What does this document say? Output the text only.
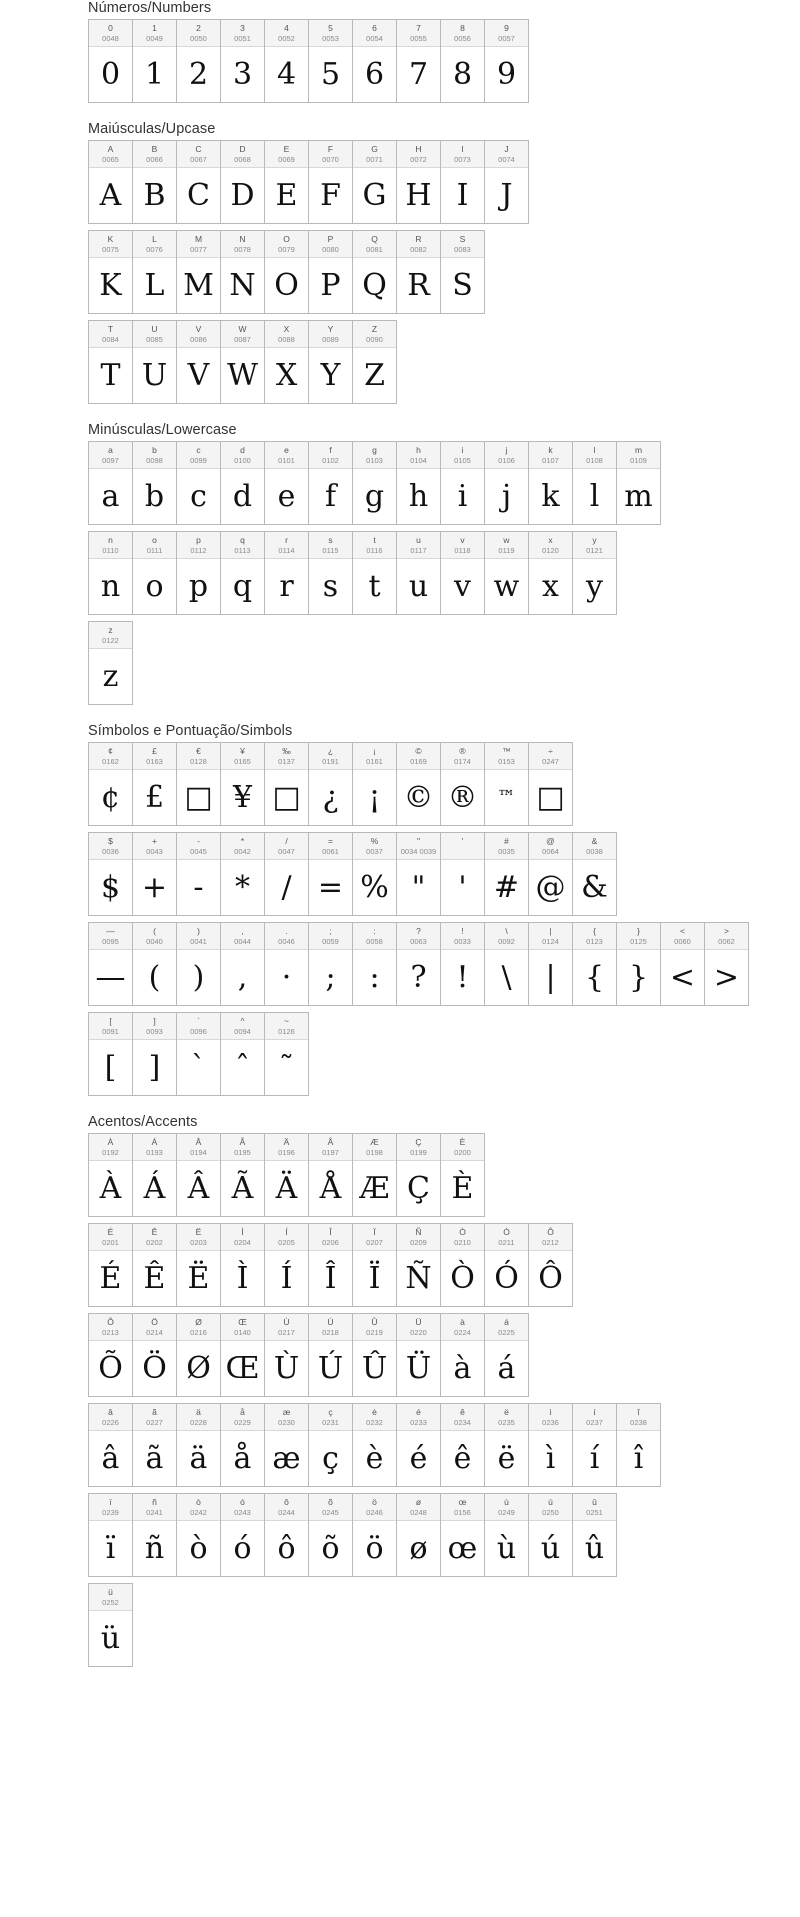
Números/Numbers
0
0048
0
1
0049
1
2
0050
2
3
0051
3
4
0052
4
5
0053
5
6
0054
6
7
0055
7
8
0056
8
9
0057
9
Maiúsculas/Upcase
A
0065
A
B
0066
B
C
0067
C
D
0068
D
E
0069
E
F
0070
F
G
0071
G
H
0072
H
I
0073
I
J
0074
J
K
0075
K
L
0076
L
M
0077
M
N
0078
N
O
0079
O
P
0080
P
Q
0081
Q
R
0082
R
S
0083
S
T
0084
T
U
0085
U
V
0086
V
W
0087
W
X
0088
X
Y
0089
Y
Z
0090
Z
Minúsculas/Lowercase
a
0097
a
b
0098
b
c
0099
c
d
0100
d
e
0101
e
f
0102
f
g
0103
g
h
0104
h
i
0105
i
j
0106
j
k
0107
k
l
0108
l
m
0109
m
n
0110
n
o
0111
o
p
0112
p
q
0113
q
r
0114
r
s
0115
s
t
0116
t
u
0117
u
v
0118
v
w
0119
w
x
0120
x
y
0121
y
z
0122
z
Símbolos e Pontuação/Simbols
¢
0162
¢
£
0163
£
€
0128
□
¥
0165
¥
‰
0137
□
¿
0191
¿
¡
0161
¡
©
0169
©
®
0174
®
™
0153
™
÷
0247
□
$
0036
$
+
0043
+
-
0045
-
*
0042
*
/
0047
/
=
0061
=
%
0037
%
"
0034 0039
"
'
'
#
0035
#
@
0064
@
&
0038
&
—
0095
—
(
0040
(
)
0041
)
,
0044
,
.
0046
·
;
0059
;
:
0058
:
?
0063
?
!
0033
!
\
0092
\
|
0124
|
{
0123
{
}
0125
}
<
0060
<
>
0062
>
[
0091
[
]
0093
]
`
0096
ˋ
^
0094
ˆ
~
0126
˜
Acentos/Accents
À
0192
À
Á
0193
Á
Â
0194
Â
Ã
0195
Ã
Ä
0196
Ä
Å
0197
Å
Æ
0198
Æ
Ç
0199
Ç
È
0200
È
É
0201
É
Ê
0202
Ê
Ë
0203
Ë
Ì
0204
Ì
Í
0205
Í
Î
0206
Î
Ï
0207
Ï
Ñ
0209
Ñ
Ò
0210
Ò
Ó
0211
Ó
Ô
0212
Ô
Õ
0213
Õ
Ö
0214
Ö
Ø
0216
Ø
Œ
0140
Œ
Ù
0217
Ù
Ú
0218
Ú
Û
0219
Û
Ü
0220
Ü
à
0224
à
á
0225
á
â
0226
â
ã
0227
ã
ä
0228
ä
å
0229
å
æ
0230
æ
ç
0231
ç
è
0232
è
é
0233
é
ê
0234
ê
ë
0235
ë
ì
0236
ì
í
0237
í
î
0238
î
ï
0239
ï
ñ
0241
ñ
ò
0242
ò
ó
0243
ó
ô
0244
ô
õ
0245
õ
ö
0246
ö
ø
0248
ø
œ
0156
œ
ù
0249
ù
ú
0250
ú
û
0251
û
ü
0252
ü
